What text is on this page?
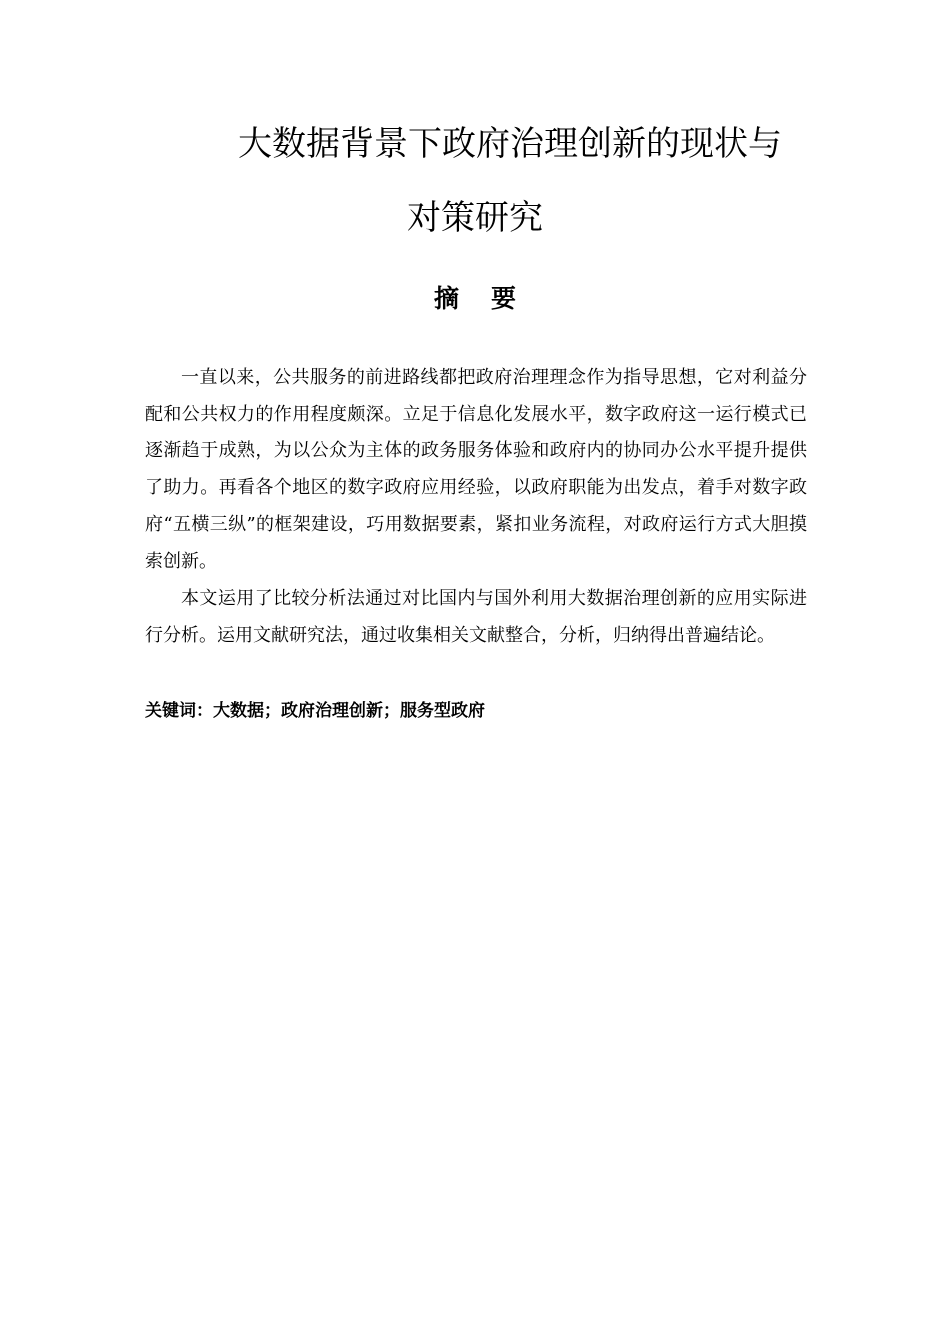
大数据背景下政府治理创新的现状与
对策研究
摘要

一直以来，公共服务的前进路线都把政府治理理念作为指导思想，它对利益分配和公共权力的作用程度颇深。立足于信息化发展水平，数字政府这一运行模式已逐渐趋于成熟，为以公众为主体的政务服务体验和政府内的协同办公水平提升提供了助力。再看各个地区的数字政府应用经验，以政府职能为出发点，着手对数字政府“五横三纵”的框架建设，巧用数据要素，紧扣业务流程，对政府运行方式大胆摸索创新。

本文运用了比较分析法通过对比国内与国外利用大数据治理创新的应用实际进行分析。运用文献研究法，通过收集相关文献整合，分析，归纳得出普遍结论。

关键词：大数据；政府治理创新；服务型政府
